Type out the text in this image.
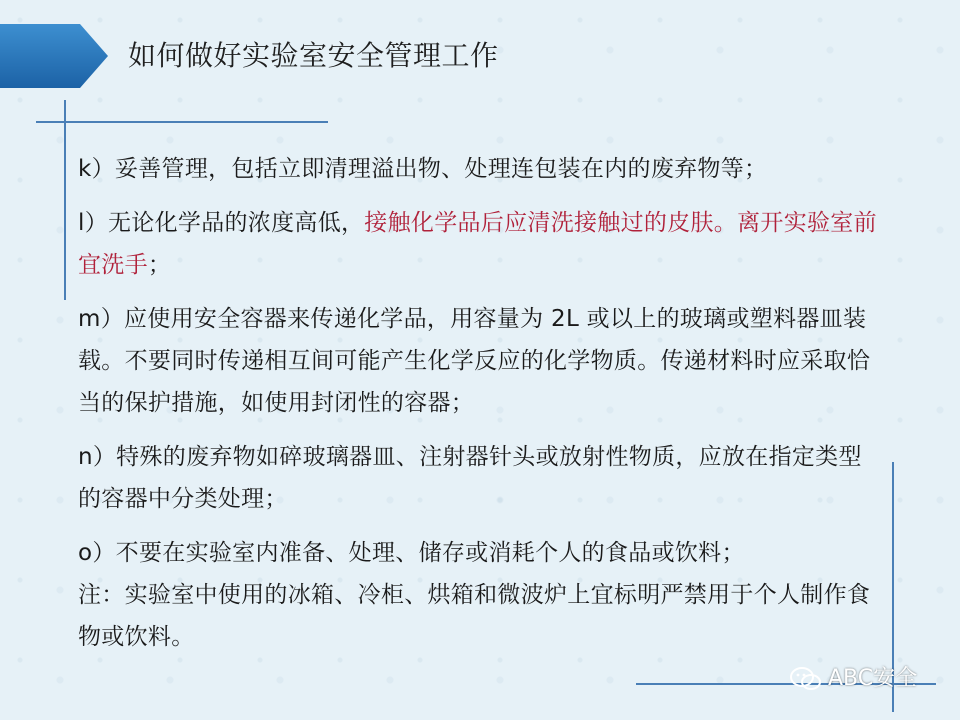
如何做好实验室安全管理工作

k）妥善管理，包括立即清理溢出物、处理连包装在内的废弃物等；

l）无论化学品的浓度高低，接触化学品后应清洗接触过的皮肤。离开实验室前宜洗手；

m）应使用安全容器来传递化学品，用容量为 2L 或以上的玻璃或塑料器皿装载。不要同时传递相互间可能产生化学反应的化学物质。传递材料时应采取恰当的保护措施，如使用封闭性的容器；

n）特殊的废弃物如碎玻璃器皿、注射器针头或放射性物质，应放在指定类型的容器中分类处理；

o）不要在实验室内准备、处理、储存或消耗个人的食品或饮料；

注：实验室中使用的冰箱、冷柜、烘箱和微波炉上宜标明严禁用于个人制作食物或饮料。

ABC安全
